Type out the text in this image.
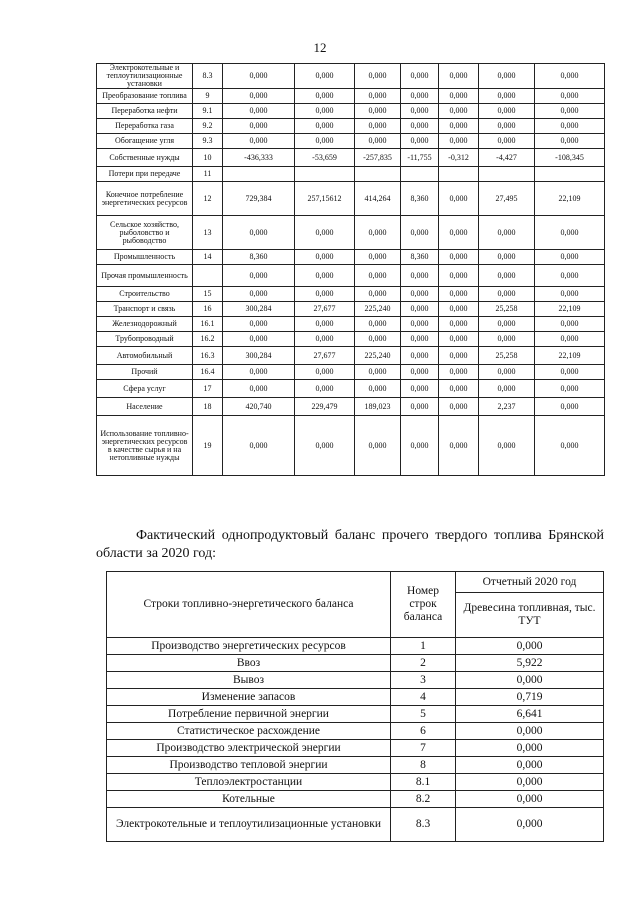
12
Электрокотельные и теплоутилизационные установки	8.3	0,000	0,000	0,000	0,000	0,000	0,000	0,000
Преобразование топлива	9	0,000	0,000	0,000	0,000	0,000	0,000	0,000
Переработка нефти	9.1	0,000	0,000	0,000	0,000	0,000	0,000	0,000
Переработка газа	9.2	0,000	0,000	0,000	0,000	0,000	0,000	0,000
Обогащение угля	9.3	0,000	0,000	0,000	0,000	0,000	0,000	0,000
Собственные нужды	10	-436,333	-53,659	-257,835	-11,755	-0,312	-4,427	-108,345
Потери при передаче	11							
Конечное потребление энергетических ресурсов	12	729,384	257,15612	414,264	8,360	0,000	27,495	22,109
Сельское хозяйство, рыболовство и рыбоводство	13	0,000	0,000	0,000	0,000	0,000	0,000	0,000
Промышленность	14	8,360	0,000	0,000	8,360	0,000	0,000	0,000
Прочая промышленность		0,000	0,000	0,000	0,000	0,000	0,000	0,000
Строительство	15	0,000	0,000	0,000	0,000	0,000	0,000	0,000
Транспорт и связь	16	300,284	27,677	225,240	0,000	0,000	25,258	22,109
Железнодорожный	16.1	0,000	0,000	0,000	0,000	0,000	0,000	0,000
Трубопроводный	16.2	0,000	0,000	0,000	0,000	0,000	0,000	0,000
Автомобильный	16.3	300,284	27,677	225,240	0,000	0,000	25,258	22,109
Прочий	16.4	0,000	0,000	0,000	0,000	0,000	0,000	0,000
Сфера услуг	17	0,000	0,000	0,000	0,000	0,000	0,000	0,000
Население	18	420,740	229,479	189,023	0,000	0,000	2,237	0,000
Использование топливно-энергетических ресурсов в качестве сырья и на нетопливные нужды	19	0,000	0,000	0,000	0,000	0,000	0,000	0,000
Фактический однопродуктовый баланс прочего твердого топлива Брянской области за 2020 год:
Строки топливно-энергетического баланса	Номер строк баланса	Отчетный 2020 год
		Древесина топливная, тыс. ТУТ
Производство энергетических ресурсов	1	0,000
Ввоз	2	5,922
Вывоз	3	0,000
Изменение запасов	4	0,719
Потребление первичной энергии	5	6,641
Статистическое расхождение	6	0,000
Производство электрической энергии	7	0,000
Производство тепловой энергии	8	0,000
Теплоэлектростанции	8.1	0,000
Котельные	8.2	0,000
Электрокотельные и теплоутилизационные установки	8.3	0,000
